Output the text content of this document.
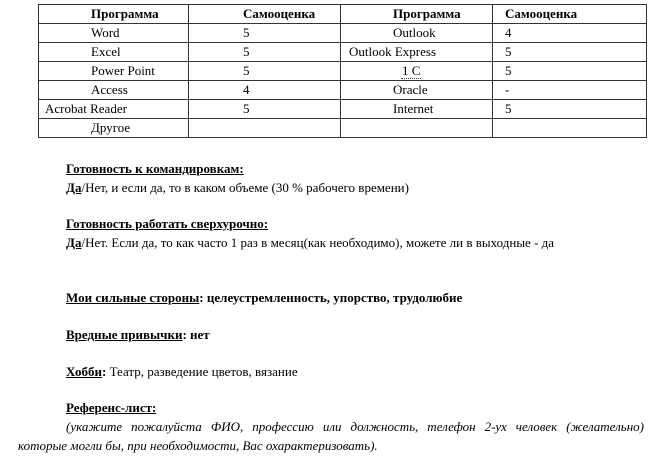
Программа	Самооценка	Программа	Самооценка
Word	5	Outlook	4
Excel	5	Outlook Express	5
Power Point	5	1 C	5
Access	4	Oracle	-
Acrobat Reader	5	Internet	5
Другое			
Готовность к командировкам:
Да/Нет, и если да, то в каком объеме (30 % рабочего времени)
Готовность работать сверхурочно:
Да/Нет. Если да, то как часто 1 раз в месяц(как необходимо), можете ли в выходные - да
Мои сильные стороны: целеустремленность, упорство, трудолюбие
Вредные привычки: нет
Хобби: Театр, разведение цветов, вязание
Референс-лист:
(укажите пожалуйста ФИО, профессию или должность, телефон 2-ух человек (желательно) которые могли бы, при необходимости, Вас охарактеризовать).
